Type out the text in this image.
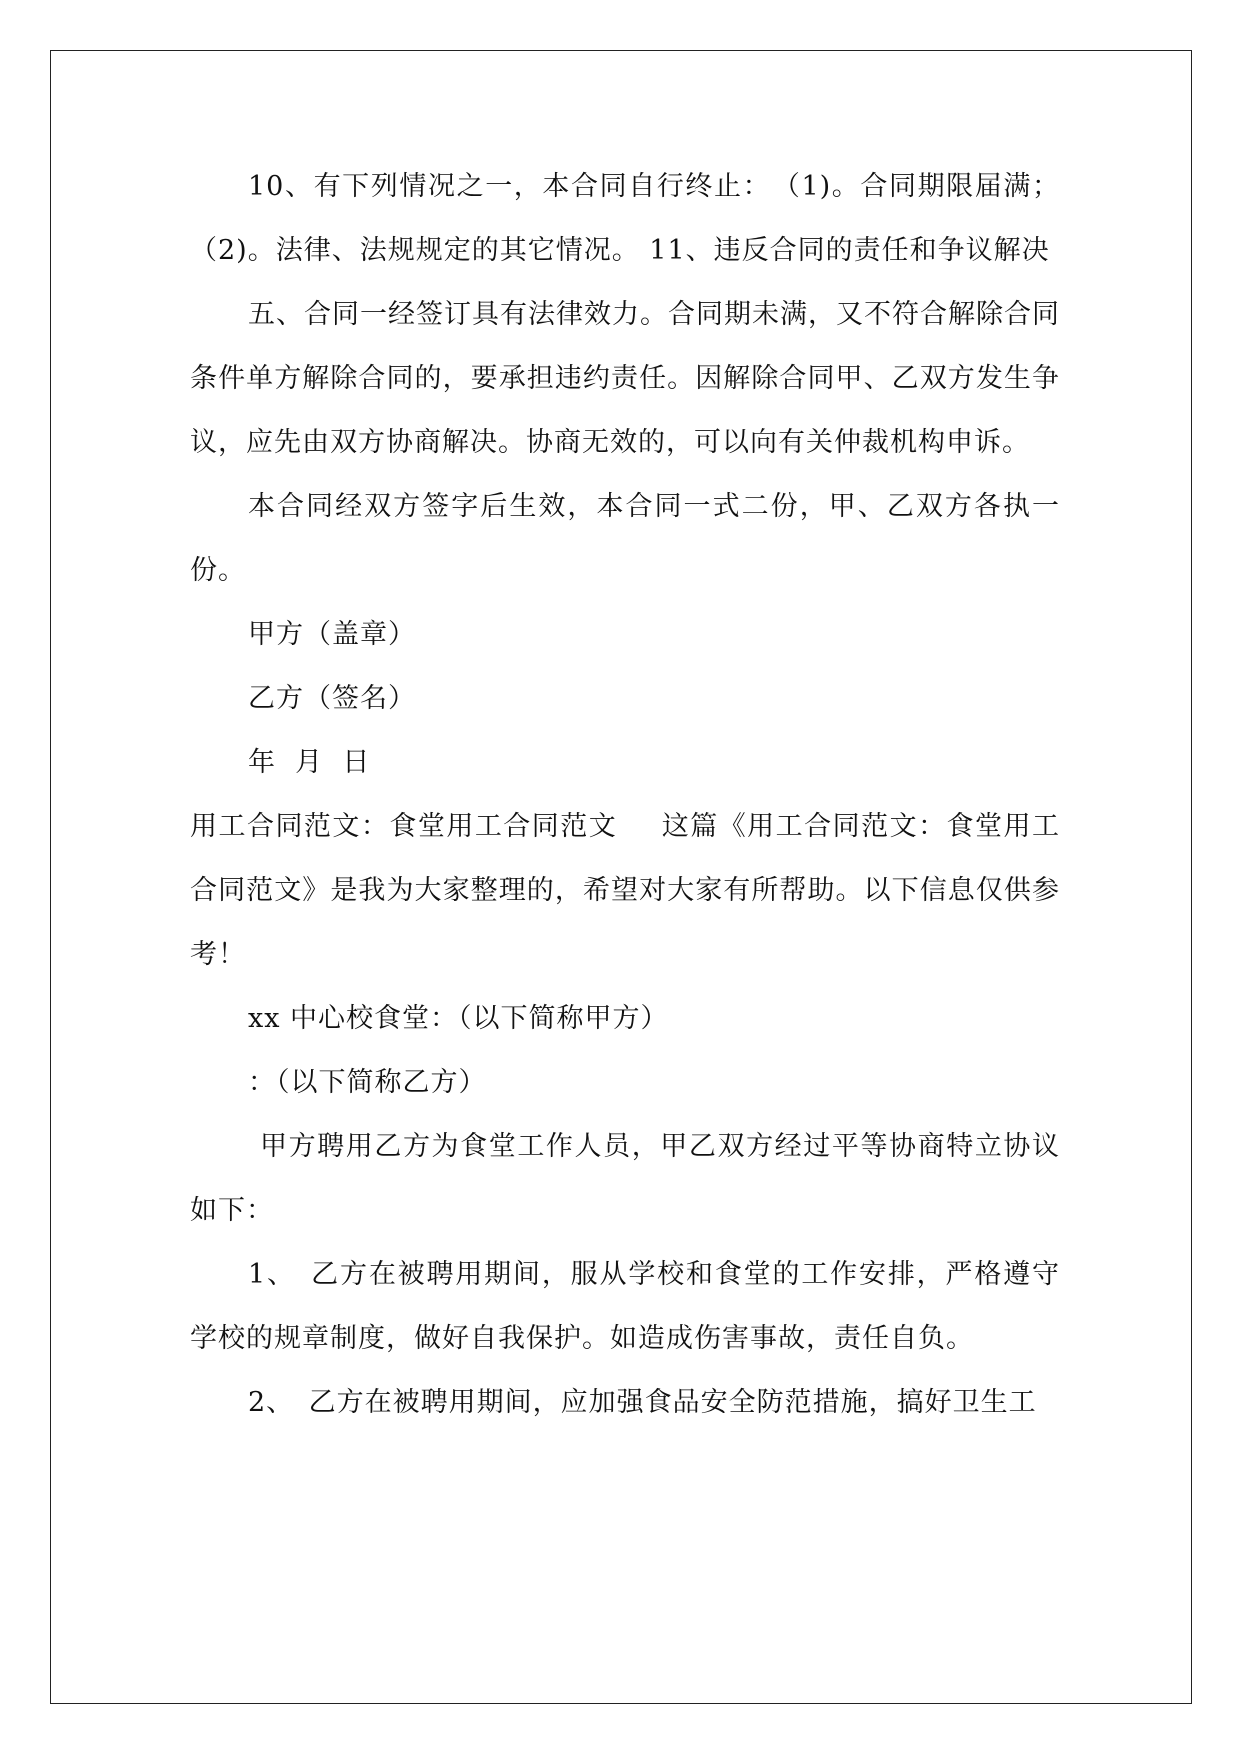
10、有下列情况之一，本合同自行终止：　（1)。合同期限届满；（2)。法律、法规规定的其它情况。 11、违反合同的责任和争议解决

五、合同一经签订具有法律效力。合同期未满，又不符合解除合同条件单方解除合同的，要承担违约责任。因解除合同甲、乙双方发生争议，应先由双方协商解决。协商无效的，可以向有关仲裁机构申诉。

本合同经双方签字后生效，本合同一式二份，甲、乙双方各执一份。

甲方（盖章）

乙方（签名）

年  月  日

用工合同范文：食堂用工合同范文 这篇《用工合同范文：食堂用工合同范文》是我为大家整理的，希望对大家有所帮助。以下信息仅供参考！

xx 中心校食堂：（以下简称甲方）

：（以下简称乙方）

甲方聘用乙方为食堂工作人员，甲乙双方经过平等协商特立协议如下：

1、　乙方在被聘用期间，服从学校和食堂的工作安排，严格遵守学校的规章制度，做好自我保护。如造成伤害事故，责任自负。

2、　乙方在被聘用期间，应加强食品安全防范措施，搞好卫生工
